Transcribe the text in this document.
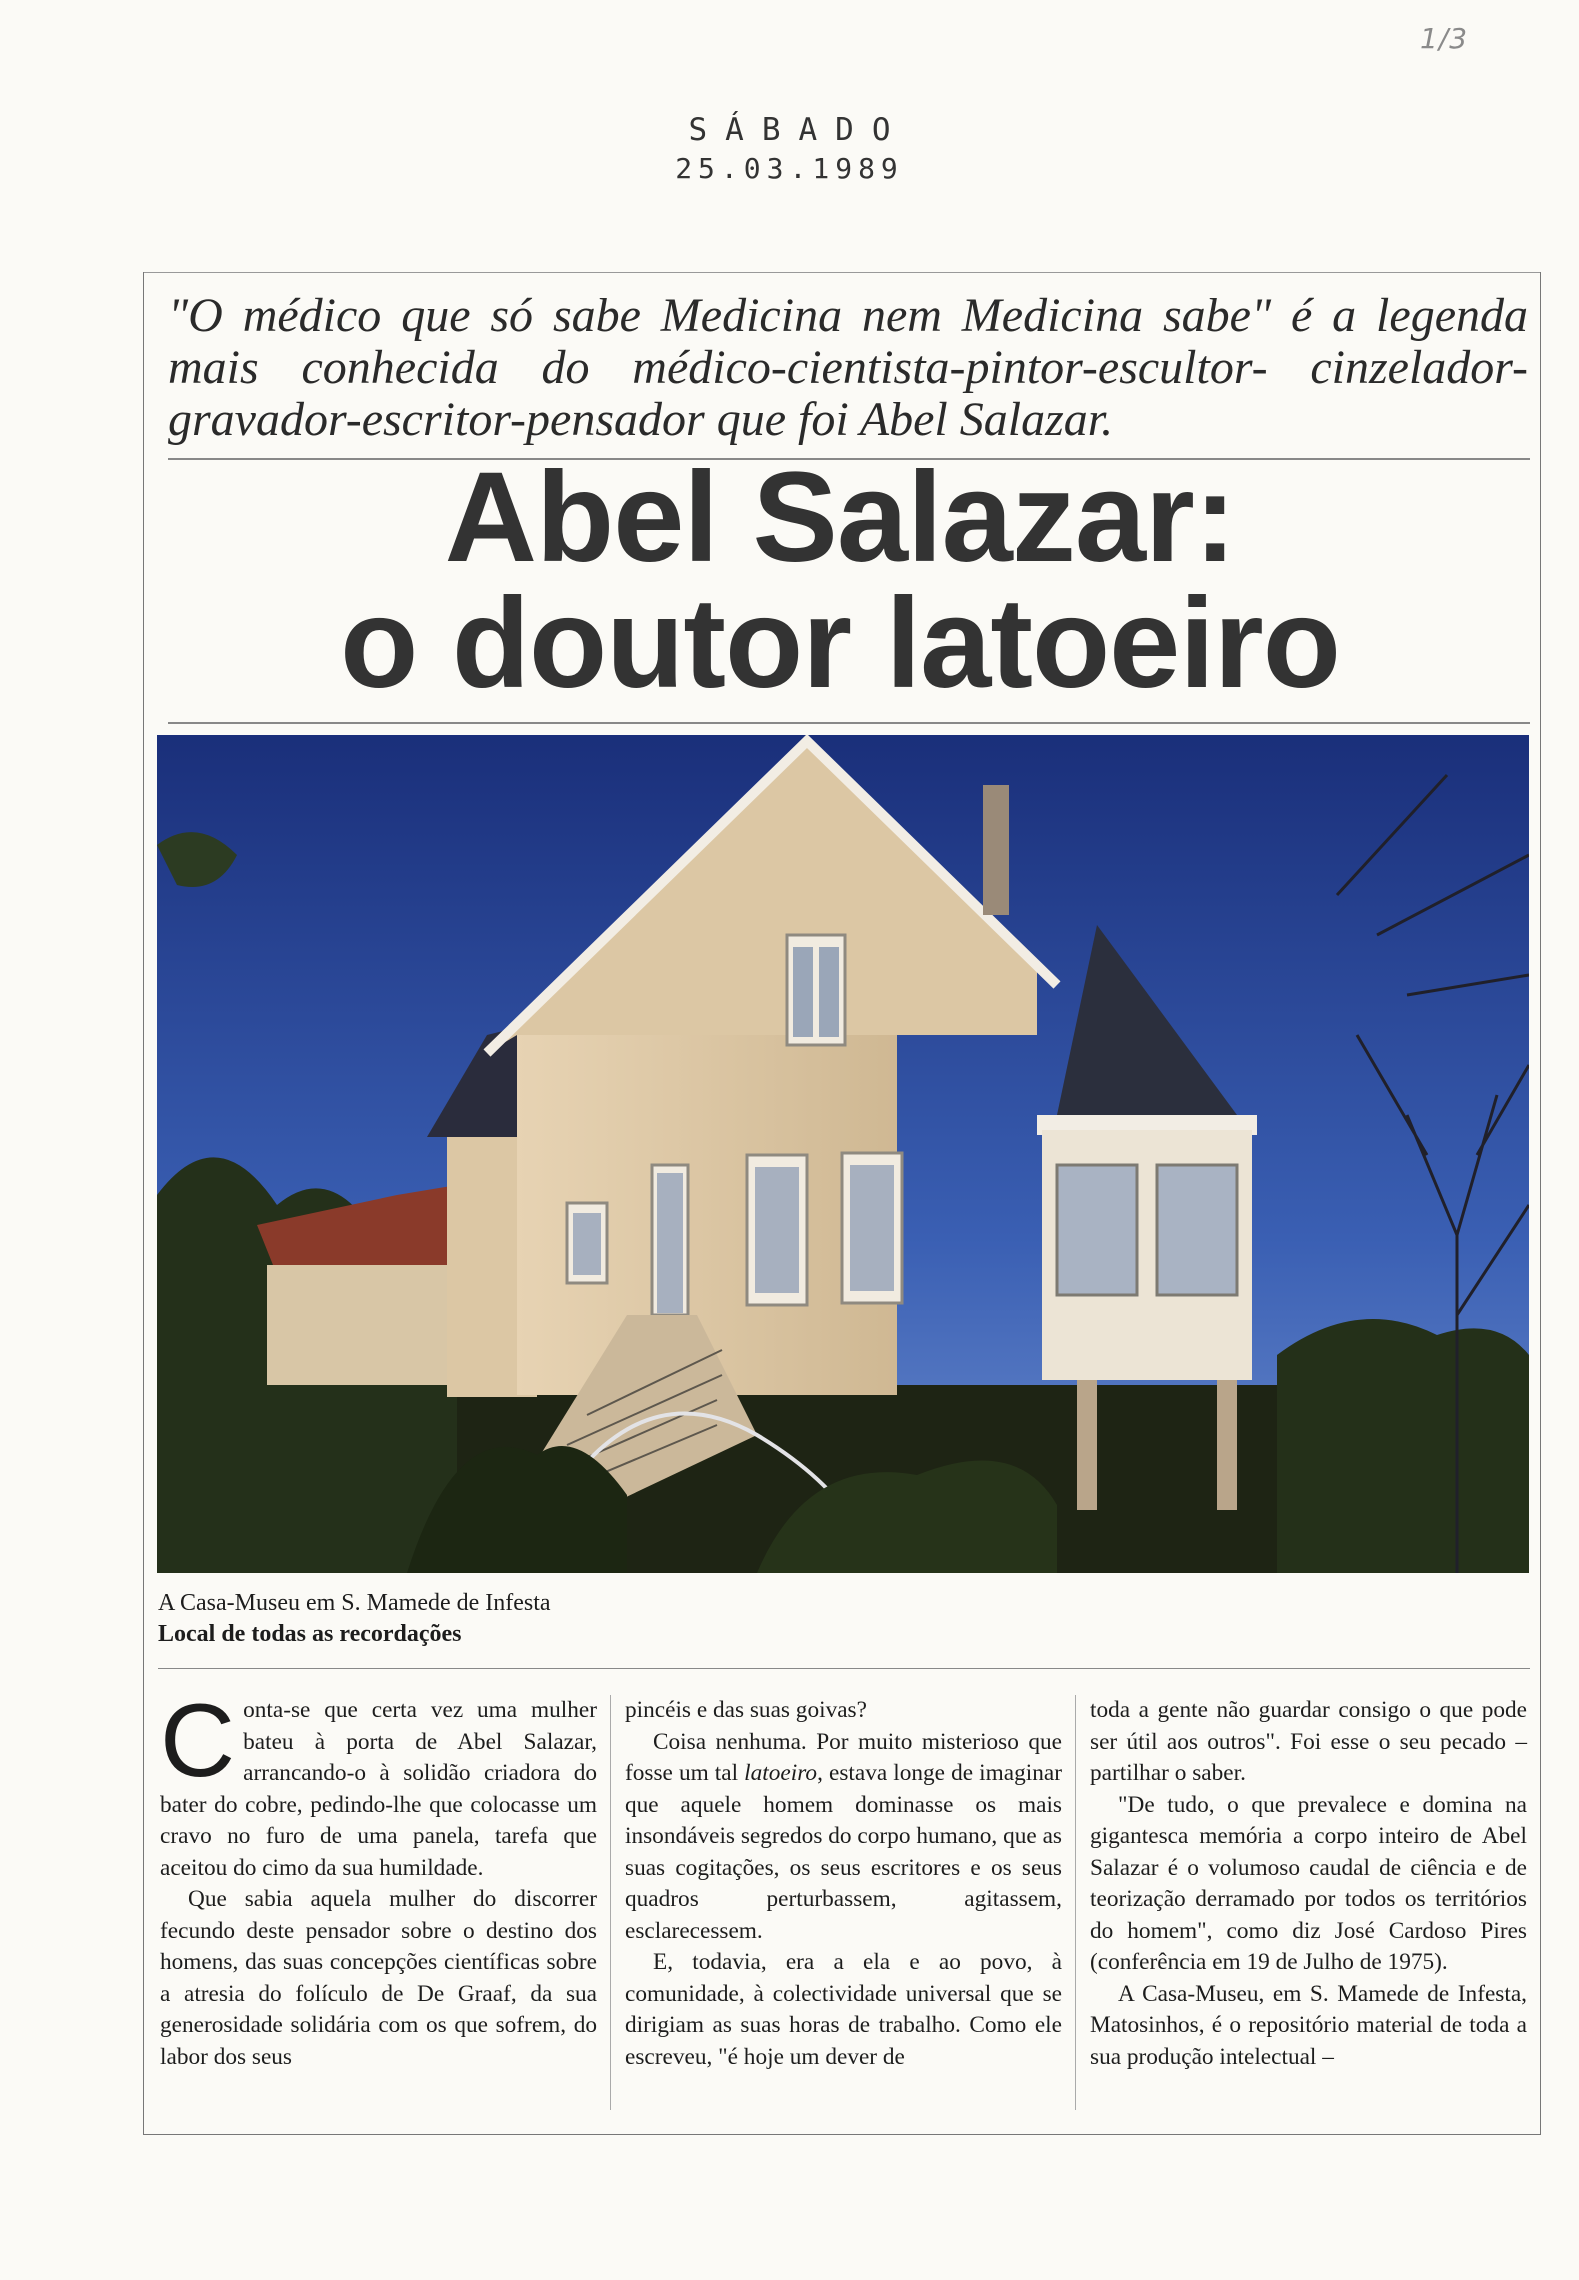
1/3
SÁBADO
25.03.1989
"O médico que só sabe Medicina nem Medicina sabe" é a legenda mais conhecida do médico-cientista-pintor-escultor- cinzelador-gravador-escritor-pensador que foi Abel Salazar.
Abel Salazar:
o doutor latoeiro
A Casa-Museu em S. Mamede de Infesta
Local de todas as recordações

Conta-se que certa vez uma mulher bateu à porta de Abel Salazar, arrancando-o à solidão criadora do bater do cobre, pedindo-lhe que colocasse um cravo no furo de uma panela, tarefa que aceitou do cimo da sua humildade.

Que sabia aquela mulher do discorrer fecundo deste pensador sobre o destino dos homens, das suas concepções científicas sobre a atresia do folículo de De Graaf, da sua generosidade solidária com os que sofrem, do labor dos seus

pincéis e das suas goivas?

Coisa nenhuma. Por muito misterioso que fosse um tal latoeiro, estava longe de imaginar que aquele homem dominasse os mais insondáveis segredos do corpo humano, que as suas cogitações, os seus escritores e os seus quadros perturbassem, agitassem, esclarecessem.

E, todavia, era a ela e ao povo, à comunidade, à colectividade universal que se dirigiam as suas horas de trabalho. Como ele escreveu, "é hoje um dever de

toda a gente não guardar consigo o que pode ser útil aos outros". Foi esse o seu pecado – partilhar o saber.

"De tudo, o que prevalece e domina na gigantesca memória a corpo inteiro de Abel Salazar é o volumoso caudal de ciência e de teorização derramado por todos os territórios do homem", como diz José Cardoso Pires (conferência em 19 de Julho de 1975).

A Casa-Museu, em S. Mamede de Infesta, Matosinhos, é o repositório material de toda a sua produção intelectual –
